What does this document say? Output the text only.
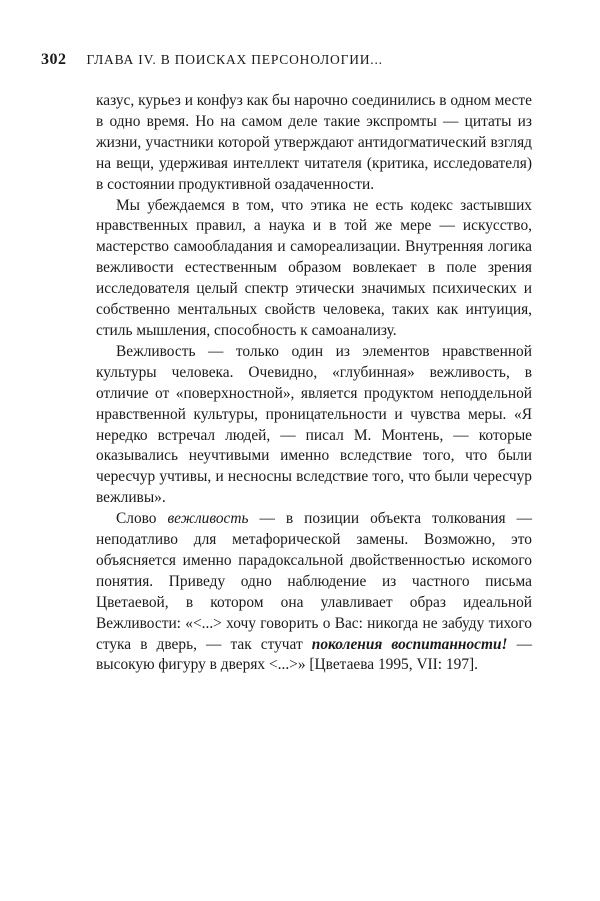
302 ГЛАВА IV. В ПОИСКАХ ПЕРСОНОЛОГИИ...

казус, курьез и конфуз как бы нарочно соединились в одном месте в одно время. Но на самом деле такие экспромты — цитаты из жизни, участники которой утверждают антидогматический взгляд на вещи, удерживая интеллект читателя (критика, исследователя) в состоянии продуктивной озадаченности.

Мы убеждаемся в том, что этика не есть кодекс застывших нравственных правил, а наука и в той же мере — искусство, мастерство самообладания и самореализации. Внутренняя логика вежливости естественным образом вовлекает в поле зрения исследователя целый спектр этически значимых психических и собственно ментальных свойств человека, таких как интуиция, стиль мышления, способность к самоанализу.

Вежливость — только один из элементов нравственной культуры человека. Очевидно, «глубинная» вежливость, в отличие от «поверхностной», является продуктом неподдельной нравственной культуры, проницательности и чувства меры. «Я нередко встречал людей, — писал М. Монтень, — которые оказывались неучтивыми именно вследствие того, что были чересчур учтивы, и несносны вследствие того, что были чересчур вежливы».

Слово вежливость — в позиции объекта толкования — неподатливо для метафорической замены. Возможно, это объясняется именно парадоксальной двойственностью искомого понятия. Приведу одно наблюдение из частного письма Цветаевой, в котором она улавливает образ идеальной Вежливости: «<...> хочу говорить о Вас: никогда не забуду тихого стука в дверь, — так стучат поколения воспитанности! — высокую фигуру в дверях <...>» [Цветаева 1995, VII: 197].
